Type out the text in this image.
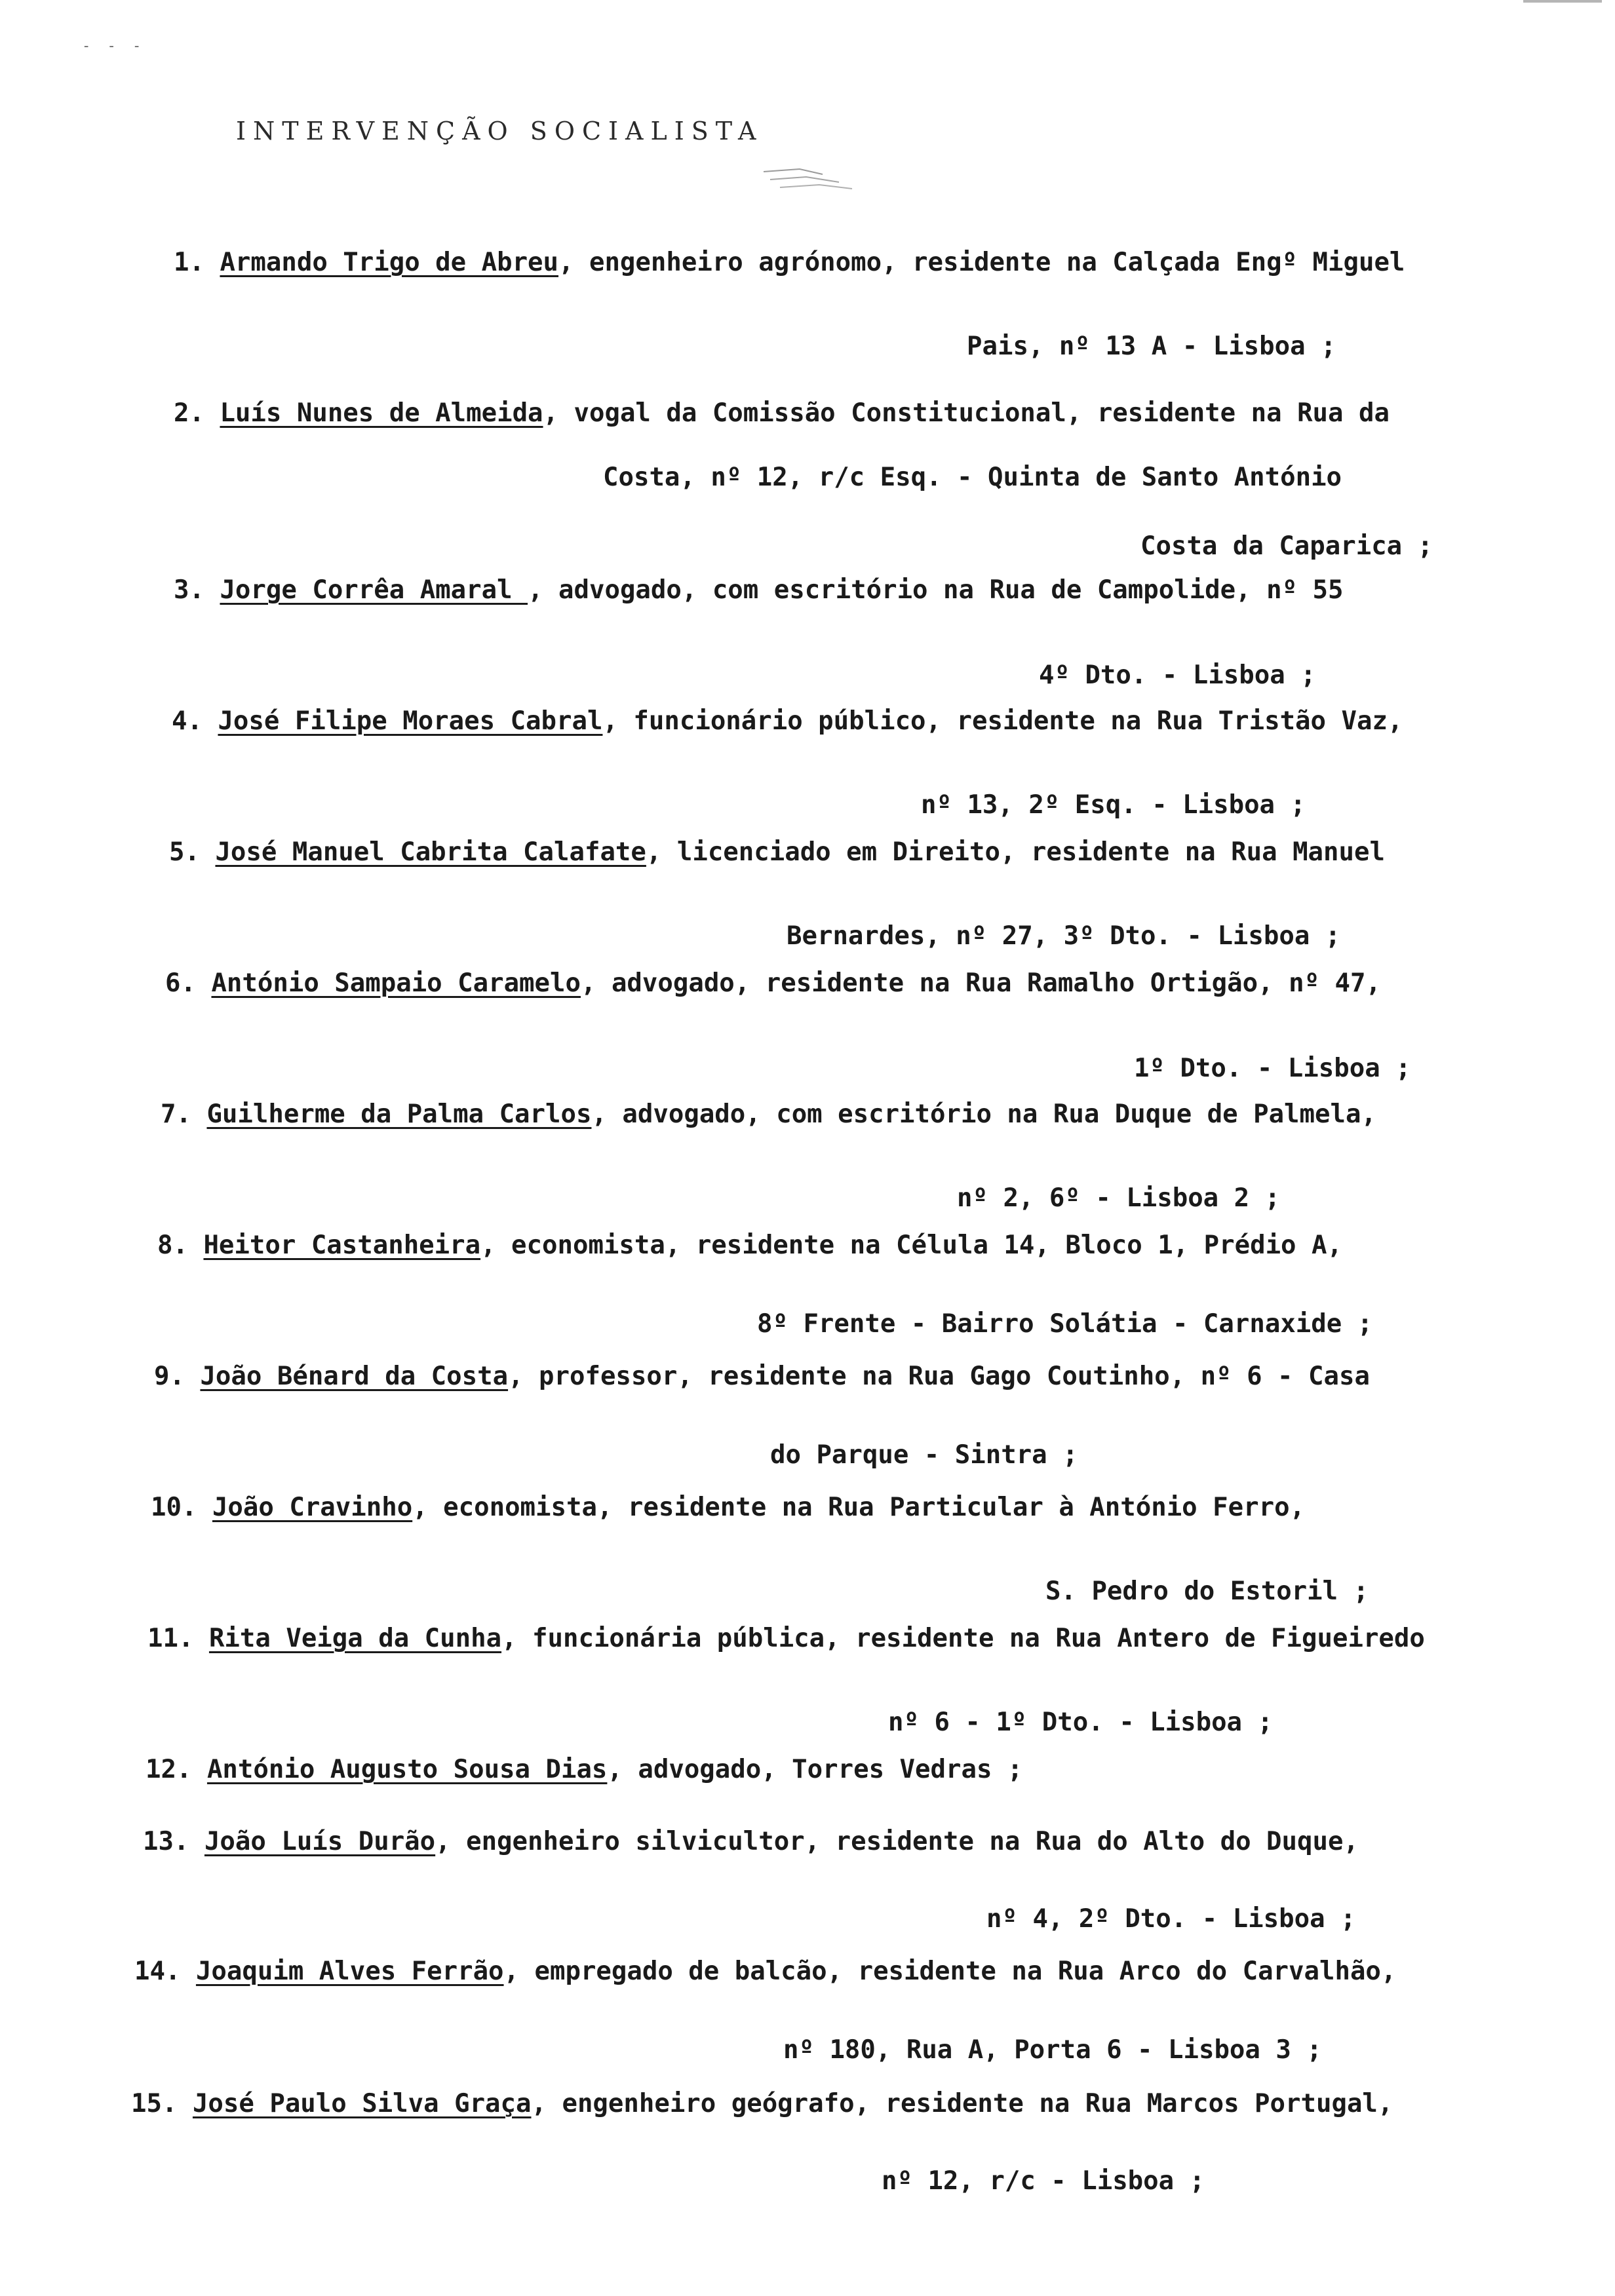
- - -
INTERVENÇÃO SOCIALISTA
1. Armando Trigo de Abreu, engenheiro agrónomo, residente na Calçada Engº Miguel
Pais, nº 13 A - Lisboa ;
2. Luís Nunes de Almeida, vogal da Comissão Constitucional, residente na Rua da
Costa, nº 12, r/c Esq. - Quinta de Santo António
Costa da Caparica ;
3. Jorge Corrêa Amaral , advogado, com escritório na Rua de Campolide, nº 55
4º Dto. - Lisboa ;
4. José Filipe Moraes Cabral, funcionário público, residente na Rua Tristão Vaz,
nº 13, 2º Esq. - Lisboa ;
5. José Manuel Cabrita Calafate, licenciado em Direito, residente na Rua Manuel
Bernardes, nº 27, 3º Dto. - Lisboa ;
6. António Sampaio Caramelo, advogado, residente na Rua Ramalho Ortigão, nº 47,
1º Dto. - Lisboa ;
7. Guilherme da Palma Carlos, advogado, com escritório na Rua Duque de Palmela,
nº 2, 6º - Lisboa 2 ;
8. Heitor Castanheira, economista, residente na Célula 14, Bloco 1, Prédio A,
8º Frente - Bairro Solátia - Carnaxide ;
9. João Bénard da Costa, professor, residente na Rua Gago Coutinho, nº 6 - Casa
do Parque - Sintra ;
10. João Cravinho, economista, residente na Rua Particular à António Ferro,
S. Pedro do Estoril ;
11. Rita Veiga da Cunha, funcionária pública, residente na Rua Antero de Figueiredo
nº 6 - 1º Dto. - Lisboa ;
12. António Augusto Sousa Dias, advogado, Torres Vedras ;
13. João Luís Durão, engenheiro silvicultor, residente na Rua do Alto do Duque,
nº 4, 2º Dto. - Lisboa ;
14. Joaquim Alves Ferrão, empregado de balcão, residente na Rua Arco do Carvalhão,
nº 180, Rua A, Porta 6 - Lisboa 3 ;
15. José Paulo Silva Graça, engenheiro geógrafo, residente na Rua Marcos Portugal,
nº 12, r/c - Lisboa ;
